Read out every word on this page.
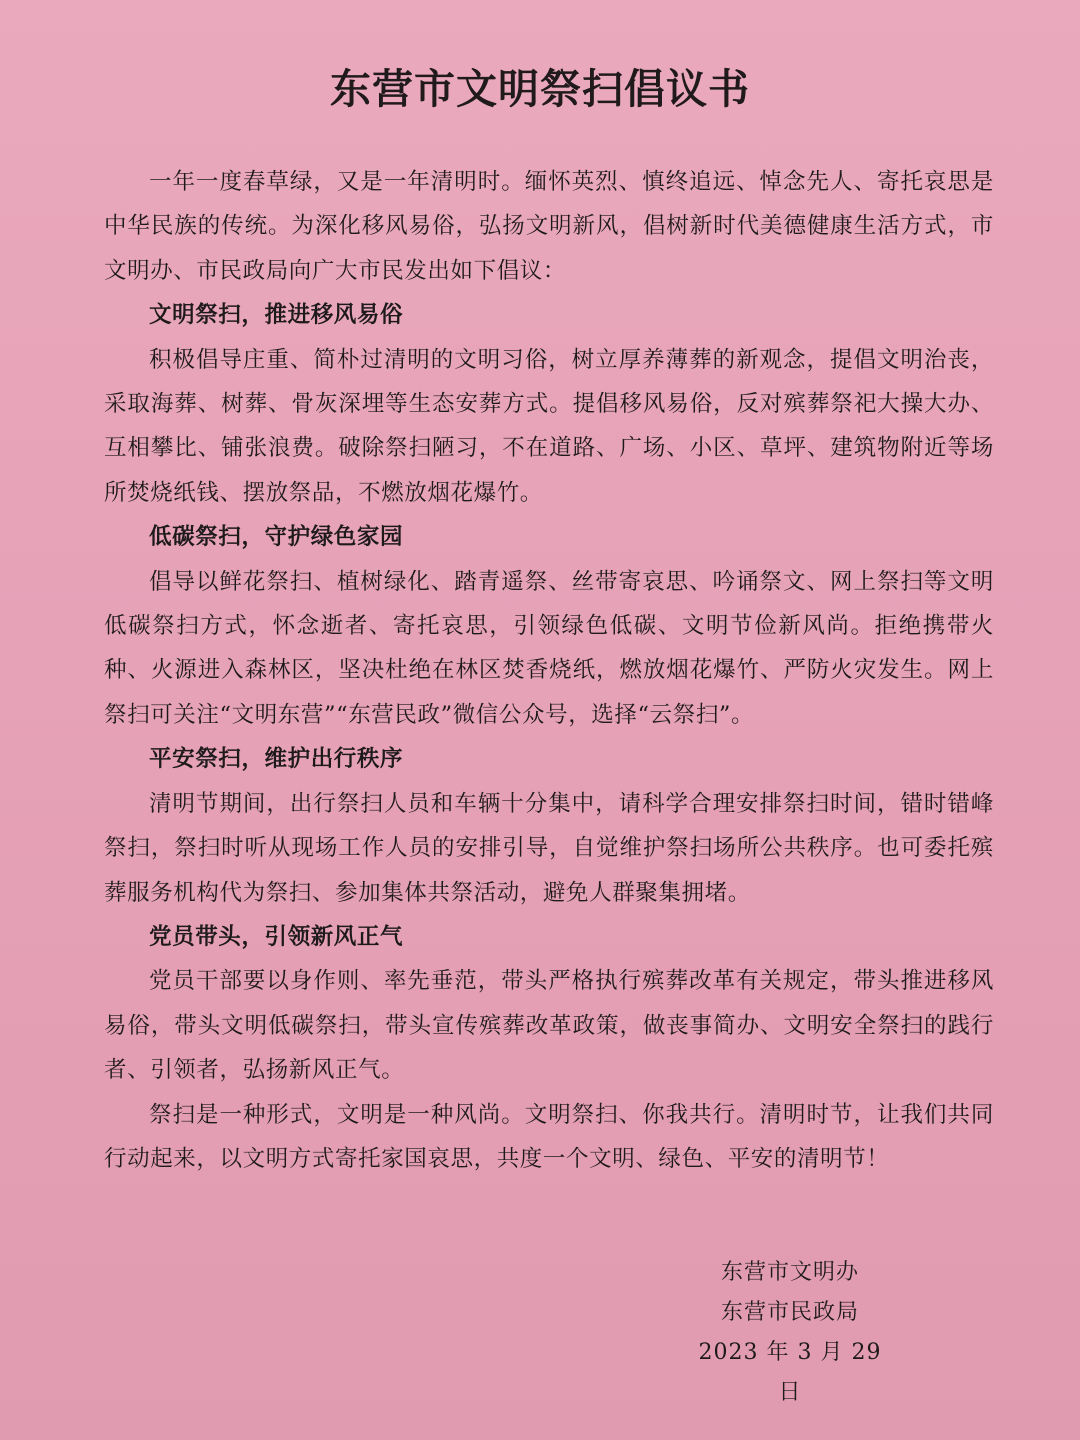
东营市文明祭扫倡议书

一年一度春草绿，又是一年清明时。缅怀英烈、慎终追远、悼念先人、寄托哀思是中华民族的传统。为深化移风易俗，弘扬文明新风，倡树新时代美德健康生活方式，市文明办、市民政局向广大市民发出如下倡议：

文明祭扫，推进移风易俗

积极倡导庄重、简朴过清明的文明习俗，树立厚养薄葬的新观念，提倡文明治丧，采取海葬、树葬、骨灰深埋等生态安葬方式。提倡移风易俗，反对殡葬祭祀大操大办、互相攀比、铺张浪费。破除祭扫陋习，不在道路、广场、小区、草坪、建筑物附近等场所焚烧纸钱、摆放祭品，不燃放烟花爆竹。

低碳祭扫，守护绿色家园

倡导以鲜花祭扫、植树绿化、踏青遥祭、丝带寄哀思、吟诵祭文、网上祭扫等文明低碳祭扫方式，怀念逝者、寄托哀思，引领绿色低碳、文明节俭新风尚。拒绝携带火种、火源进入森林区，坚决杜绝在林区焚香烧纸，燃放烟花爆竹、严防火灾发生。网上祭扫可关注“文明东营”“东营民政”微信公众号，选择“云祭扫”。

平安祭扫，维护出行秩序

清明节期间，出行祭扫人员和车辆十分集中，请科学合理安排祭扫时间，错时错峰祭扫，祭扫时听从现场工作人员的安排引导，自觉维护祭扫场所公共秩序。也可委托殡葬服务机构代为祭扫、参加集体共祭活动，避免人群聚集拥堵。

党员带头，引领新风正气

党员干部要以身作则、率先垂范，带头严格执行殡葬改革有关规定，带头推进移风易俗，带头文明低碳祭扫，带头宣传殡葬改革政策，做丧事简办、文明安全祭扫的践行者、引领者，弘扬新风正气。

祭扫是一种形式，文明是一种风尚。文明祭扫、你我共行。清明时节，让我们共同行动起来，以文明方式寄托家国哀思，共度一个文明、绿色、平安的清明节！

东营市文明办
东营市民政局
2023 年 3 月 29 日
